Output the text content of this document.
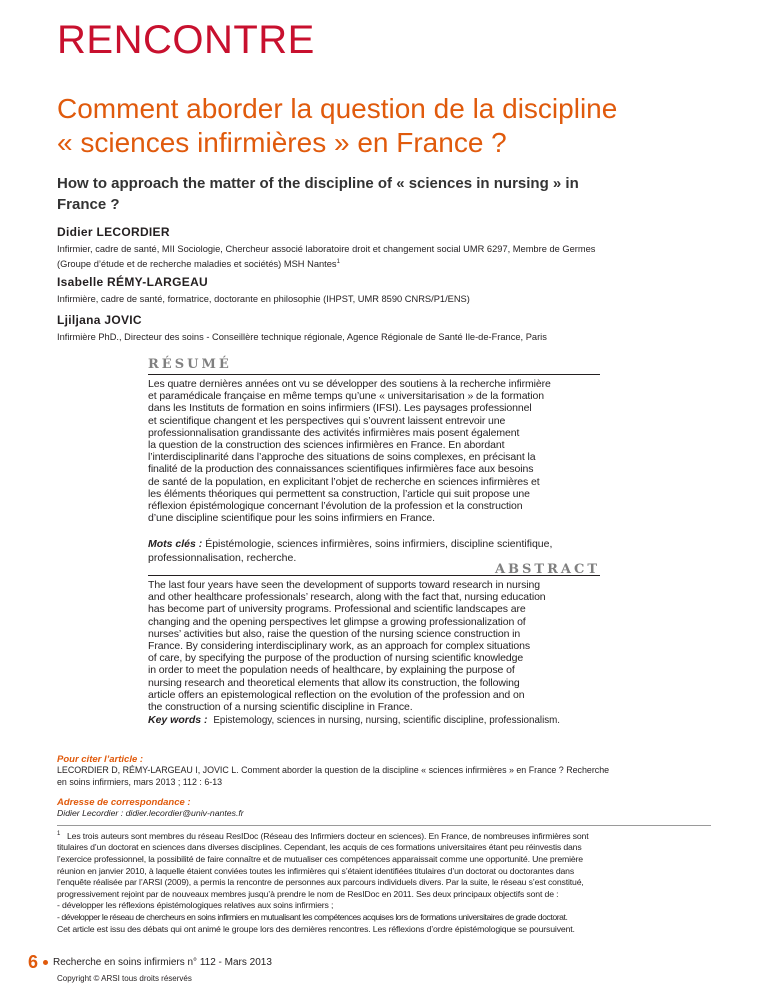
RENCONTRE
Comment aborder la question de la discipline
« sciences infirmières » en France ?
How to approach the matter of the discipline of « sciences in nursing » in
France ?
Didier LECORDIER
Infirmier, cadre de santé, MII Sociologie, Chercheur associé laboratoire droit et changement social UMR 6297, Membre de Germes
(Groupe d’étude et de recherche maladies et sociétés) MSH Nantes$^1$
Isabelle RÉMY-LARGEAU
Infirmière, cadre de santé, formatrice, doctorante en philosophie (IHPST, UMR 8590 CNRS/P1/ENS)
Ljiljana JOVIC
Infirmière PhD., Directeur des soins - Conseillère technique régionale, Agence Régionale de Santé Ile-de-France, Paris
RÉSUMÉ
Les quatre dernières années ont vu se développer des soutiens à la recherche infirmière
et paramédicale française en même temps qu’une « universitarisation » de la formation
dans les Instituts de formation en soins infirmiers (IFSI). Les paysages professionnel
et scientifique changent et les perspectives qui s’ouvrent laissent entrevoir une
professionnalisation grandissante des activités infirmières mais posent également
la question de la construction des sciences infirmières en France. En abordant
l’interdisciplinarité dans l’approche des situations de soins complexes, en précisant la
finalité de la production des connaissances scientifiques infirmières face aux besoins
de santé de la population, en explicitant l’objet de recherche en sciences infirmières et
les éléments théoriques qui permettent sa construction, l’article qui suit propose une
réflexion épistémologique concernant l’évolution de la profession et la construction
d’une discipline scientifique pour les soins infirmiers en France.
Mots clés : Épistémologie, sciences infirmières, soins infirmiers, discipline scientifique,
professionnalisation, recherche.
ABSTRACT
The last four years have seen the development of supports toward research in nursing
and other healthcare professionals’ research, along with the fact that, nursing education
has become part of university programs. Professional and scientific landscapes are
changing and the opening perspectives let glimpse a growing professionalization of
nurses’ activities but also, raise the question of the nursing science construction in
France. By considering interdisciplinary work, as an approach for complex situations
of care, by specifying the purpose of the production of nursing scientific knowledge
in order to meet the population needs of healthcare, by explaining the purpose of
nursing research and theoretical elements that allow its construction, the following
article offers an epistemological reflection on the evolution of the profession and on
the construction of a nursing scientific discipline in France.
Key words : Epistemology, sciences in nursing, nursing, scientific discipline, professionalism.
Pour citer l’article :
LECORDIER D, RÉMY-LARGEAU I, JOVIC L. Comment aborder la question de la discipline « sciences infirmières » en France ? Recherche
en soins infirmiers, mars 2013 ; 112 : 6-13
Adresse de correspondance :
Didier Lecordier : didier.lecordier@univ-nantes.fr
$^1$ Les trois auteurs sont membres du réseau ResIDoc (Réseau des Infirmiers docteur en sciences). En France, de nombreuses infirmières sont
titulaires d’un doctorat en sciences dans diverses disciplines. Cependant, les acquis de ces formations universitaires étant peu réinvestis dans
l’exercice professionnel, la possibilité de faire connaître et de mutualiser ces compétences apparaissait comme une opportunité. Une première
réunion en janvier 2010, à laquelle étaient conviées toutes les infirmières qui s’étaient identifiées titulaires d’un doctorat ou doctorantes dans
l’enquête réalisée par l’ARSI (2009), a permis la rencontre de personnes aux parcours individuels divers. Par la suite, le réseau s’est constitué,
progressivement rejoint par de nouveaux membres jusqu’à prendre le nom de ResIDoc en 2011. Ses deux principaux objectifs sont de :
- développer les réflexions épistémologiques relatives aux soins infirmiers ;
- développer le réseau de chercheurs en soins infirmiers en mutualisant les compétences acquises lors de formations universitaires de grade doctorat.
Cet article est issu des débats qui ont animé le groupe lors des dernières rencontres. Les réflexions d’ordre épistémologique se poursuivent.
6 Recherche en soins infirmiers n° 112 - Mars 2013
Copyright © ARSI tous droits réservés
